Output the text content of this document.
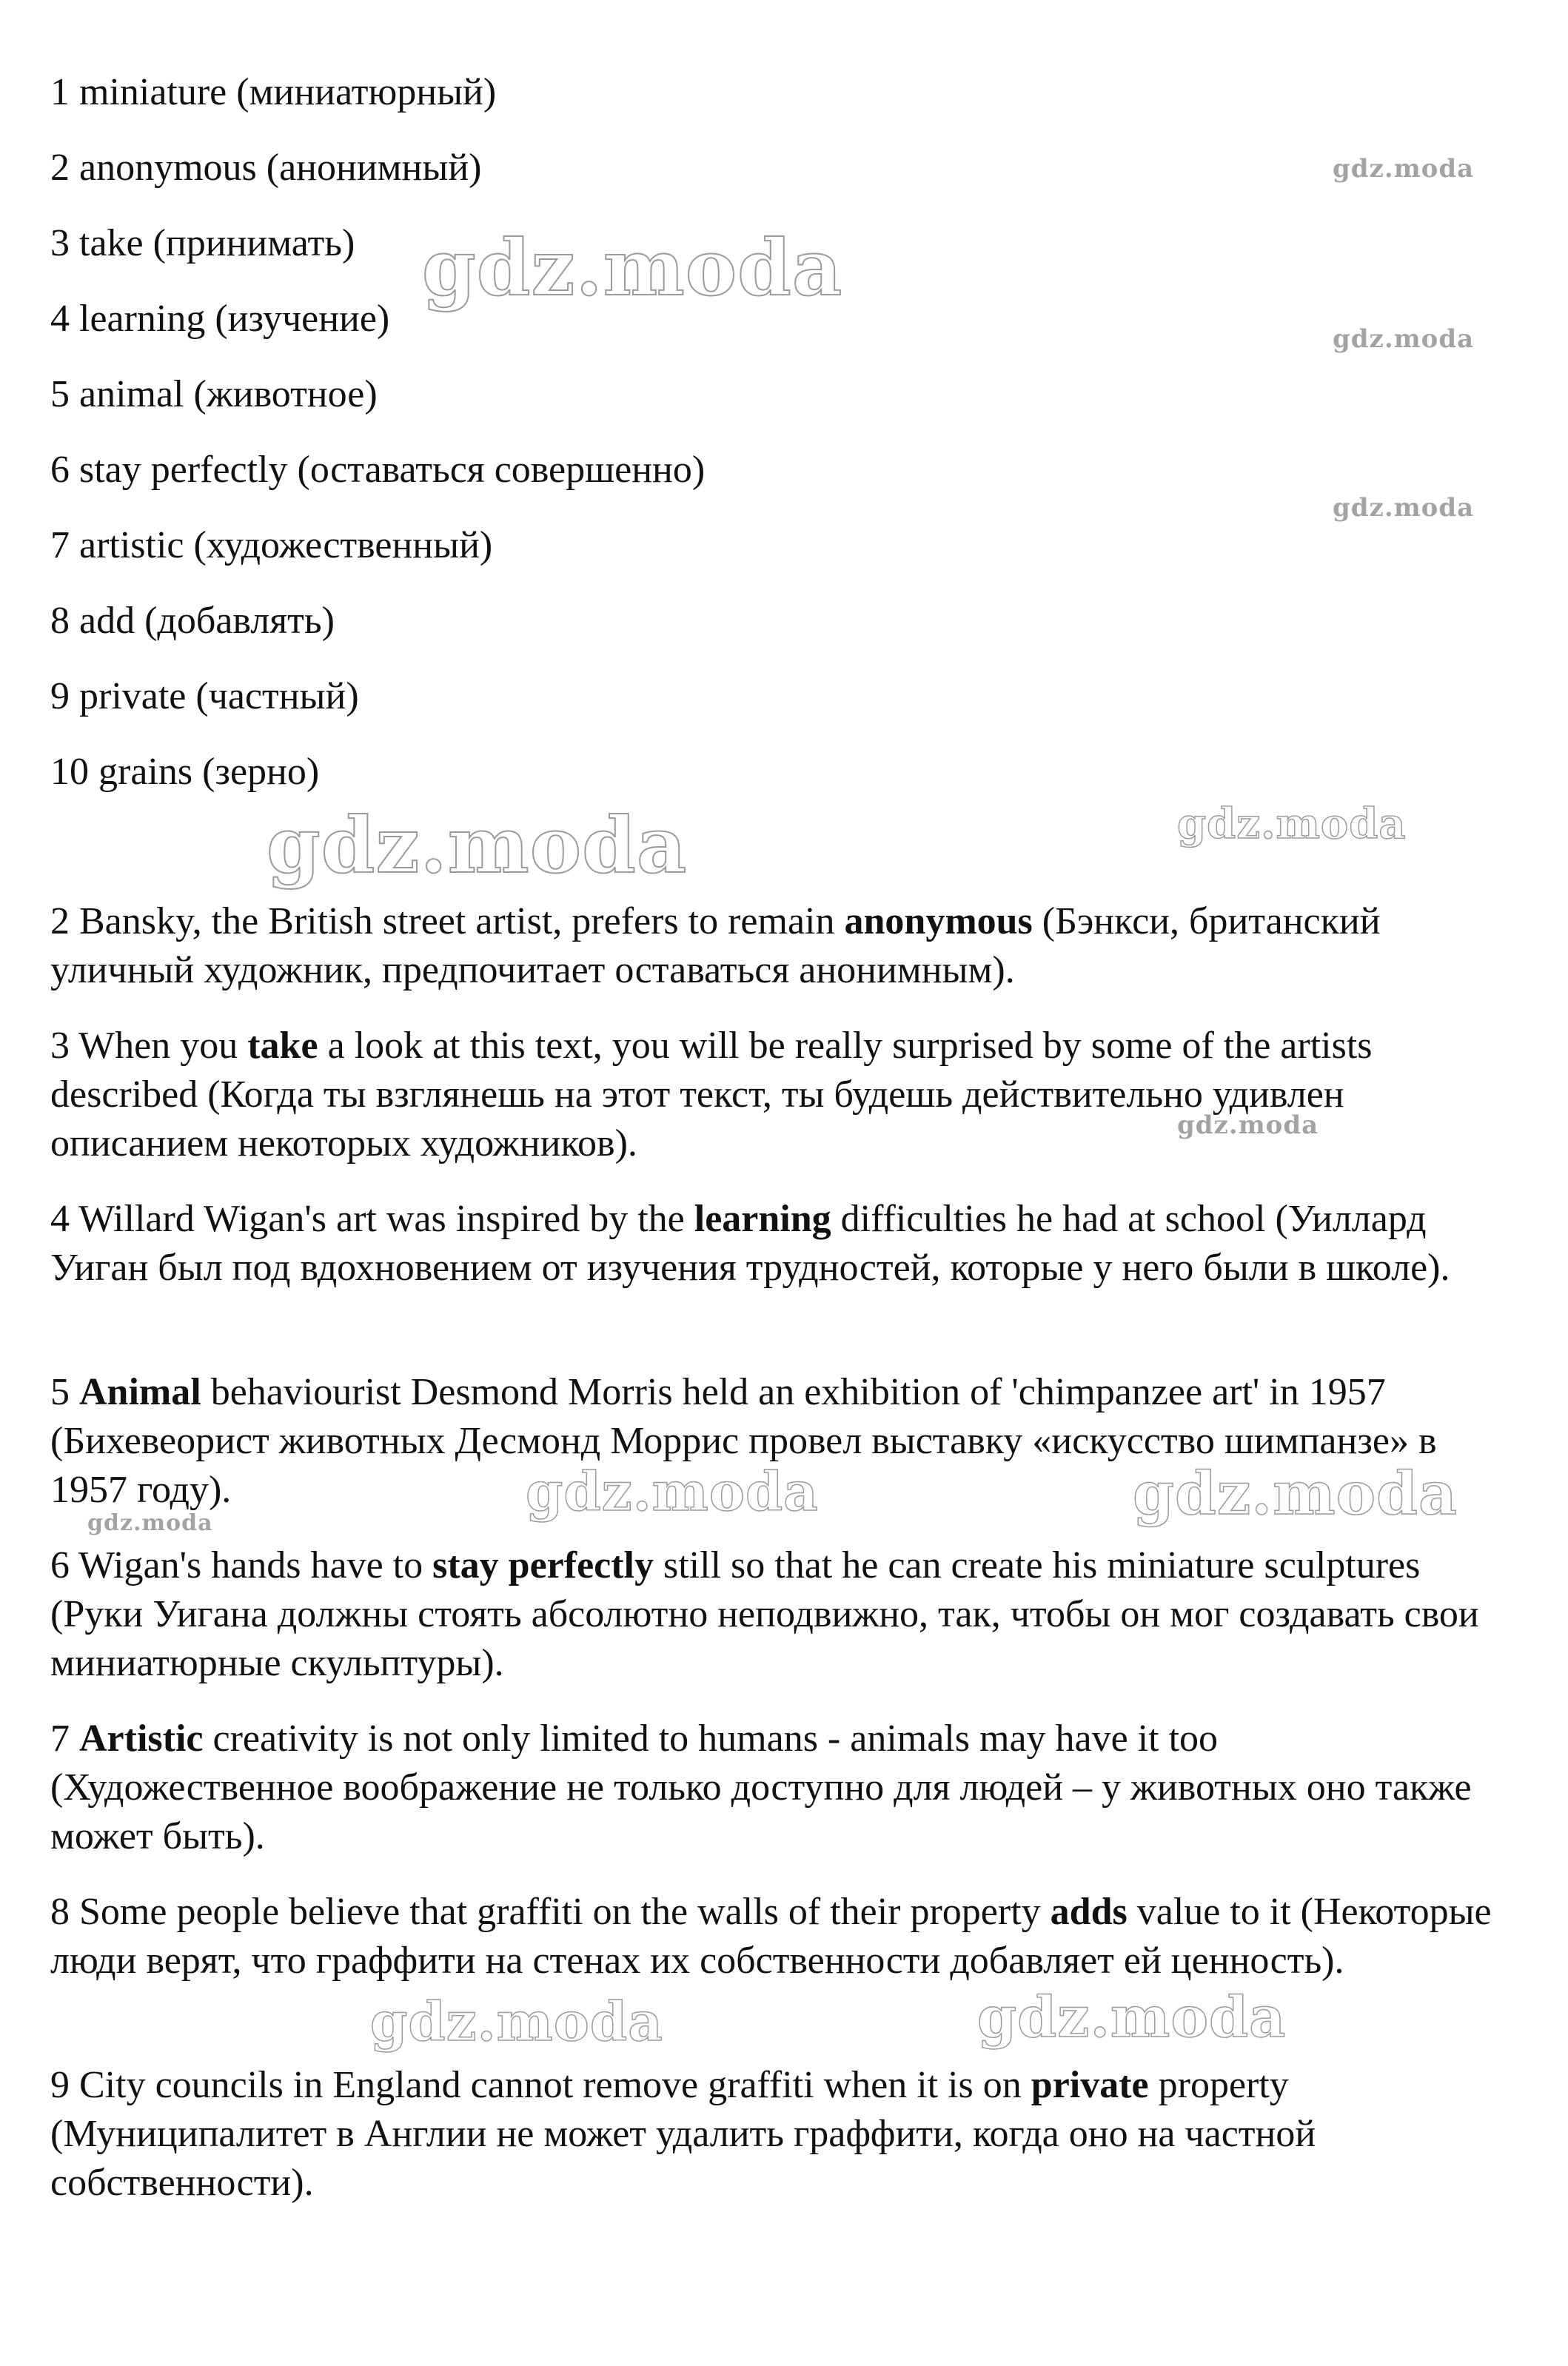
1 miniature (миниатюрный)
2 anonymous (анонимный)
3 take (принимать)
4 learning (изучение)
5 animal (животное)
6 stay perfectly (оставаться совершенно)
7 artistic (художественный)
8 add (добавлять)
9 private (частный)
10 grains (зерно)
2 Bansky, the British street artist, prefers to remain anonymous (Бэнкси, британский уличный художник, предпочитает оставаться анонимным).
3 When you take a look at this text, you will be really surprised by some of the artists described (Когда ты взглянешь на этот текст, ты будешь действительно удивлен описанием некоторых художников).
4 Willard Wigan's art was inspired by the learning difficulties he had at school (Уиллард Уиган был под вдохновением от изучения трудностей, которые у него были в школе).
5 Animal behaviourist Desmond Morris held an exhibition of 'chimpanzee art' in 1957 (Бихевеорист животных Десмонд Моррис провел выставку «искусство шимпанзе» в 1957 году).
6 Wigan's hands have to stay perfectly still so that he can create his miniature sculptures (Руки Уигана должны стоять абсолютно неподвижно, так, чтобы он мог создавать свои миниатюрные скульптуры).
7 Artistic creativity is not only limited to humans - animals may have it too (Художественное воображение не только доступно для людей – у животных оно также может быть).
8 Some people believe that graffiti on the walls of their property adds value to it (Некоторые люди верят, что граффити на стенах их собственности добавляет ей ценность).
9 City councils in England cannot remove graffiti when it is on private property (Муниципалитет в Англии не может удалить граффити, когда оно на частной собственности).
gdz.moda
gdz.moda
gdz.moda
gdz.moda
gdz.moda	gdz.moda
gdz.moda
gdz.moda	gdz.moda
gdz.moda
gdz.moda	gdz.moda
